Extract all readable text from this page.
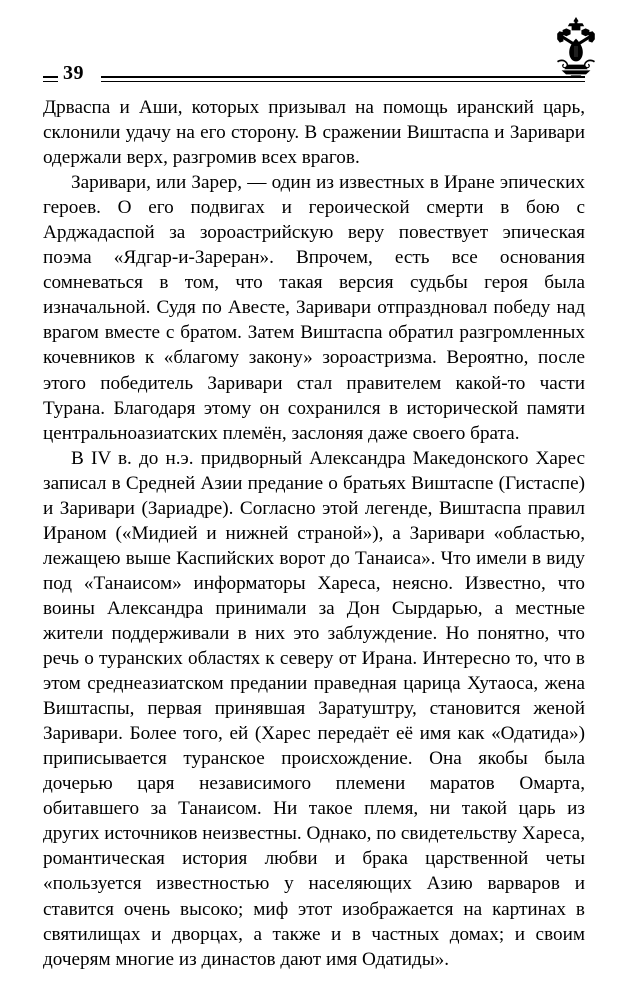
39

Дрваспа и Аши, которых призывал на помощь иранский царь, склонили удачу на его сторону. В сражении Виштаспа и Заривари одержали верх, разгромив всех врагов.

Заривари, или Зарер, — один из известных в Иране эпических героев. О его подвигах и героической смерти в бою с Арджадаспой за зороастрийскую веру повествует эпическая поэма «Ядгар-и-Зареран». Впрочем, есть все основания сомневаться в том, что такая версия судьбы героя была изначальной. Судя по Авесте, Заривари отпраздновал победу над врагом вместе с братом. Затем Виштаспа обратил разгромленных кочевников к «благому закону» зороастризма. Вероятно, после этого победитель Заривари стал правителем какой-то части Турана. Благодаря этому он сохранился в исторической памяти центральноазиатских племён, заслоняя даже своего брата.

В IV в. до н.э. придворный Александра Македонского Харес записал в Средней Азии предание о братьях Виштаспе (Гистаспе) и Заривари (Зариадре). Согласно этой легенде, Виштаспа правил Ираном («Мидией и нижней страной»), а Заривари «областью, лежащею выше Каспийских ворот до Танаиса». Что имели в виду под «Танаисом» информаторы Хареса, неясно. Известно, что воины Александра принимали за Дон Сырдарью, а местные жители поддерживали в них это заблуждение. Но понятно, что речь о туранских областях к северу от Ирана. Интересно то, что в этом среднеазиатском предании праведная царица Хутаоса, жена Виштаспы, первая принявшая Заратуштру, становится женой Заривари. Более того, ей (Харес передаёт её имя как «Одатида») приписывается туранское происхождение. Она якобы была дочерью царя независимого племени маратов Омарта, обитавшего за Танаисом. Ни такое племя, ни такой царь из других источников неизвестны. Однако, по свидетельству Хареса, романтическая история любви и брака царственной четы «пользуется известностью у населяющих Азию варваров и ставится очень высоко; миф этот изображается на картинах в святилищах и дворцах, а также и в частных домах; и своим дочерям многие из династов дают имя Одатиды».
